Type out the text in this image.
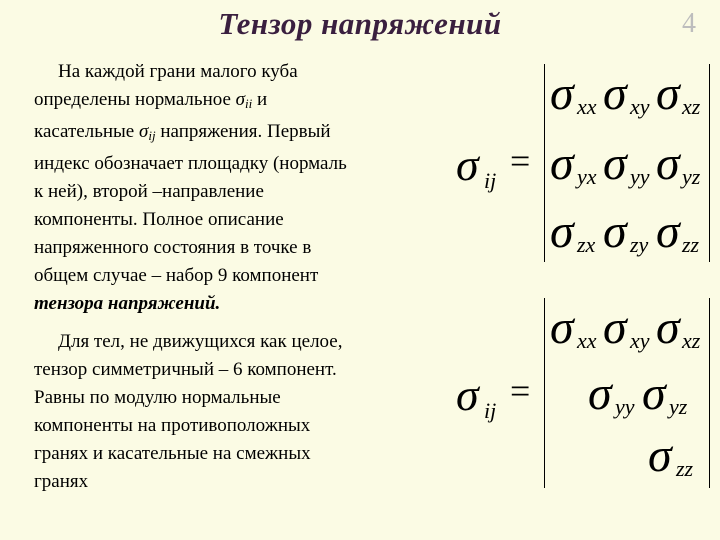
Тензор напряжений	4

На каждой грани малого куба
определены нормальное $\sigma_{ii}$ и
касательные $\sigma_{ij}$ напряжения. Первый
индекс обозначает площадку (нормаль
к ней), второй –направление
компоненты. Полное описание
напряженного состояния в точке в
общем случае – набор 9 компонент
тензора напряжений.

Для тел, не движущихся как целое,
тензор симметричный – 6 компонент.
Равны по модулю нормальные
компоненты на противоположных
гранях и касательные на смежных
гранях

σ ij =
σ xx σ xy σ xz
σ yx σ yy σ yz
σ zx σ zy σ zz
σ ij =
σ xx σ xy σ xz
σ yy σ yz
σ zz
